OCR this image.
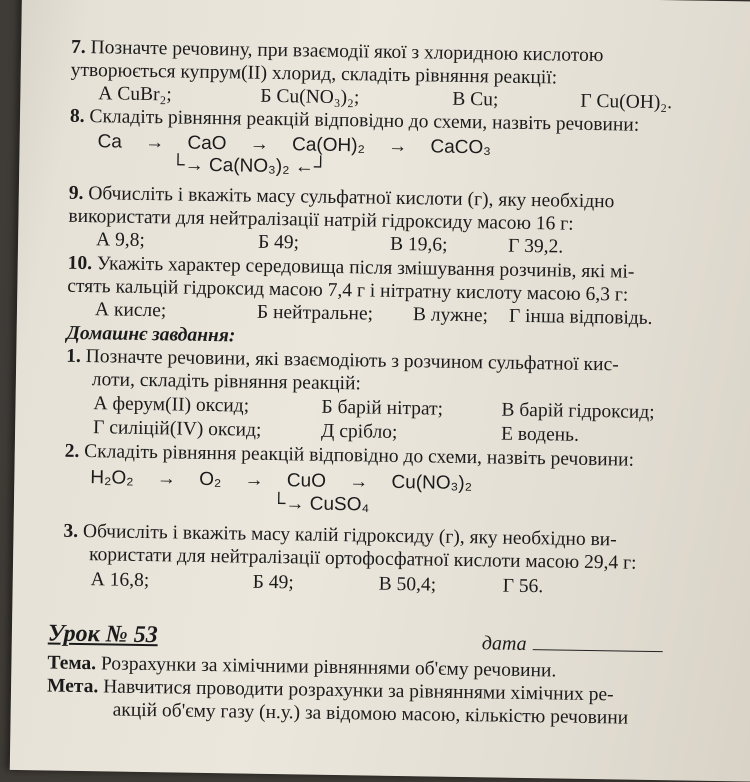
7. Позначте речовину, при взаємодії якої з хлоридною кислотою
утворюється купрум(ІІ) хлорид, складіть рівняння реакції:
А CuBr₂;	Б Cu(NO₃)₂;	В Cu;	Г Cu(OH)₂.
8. Складіть рівняння реакцій відповідно до схеми, назвіть речовини:
Ca → CaO → Ca(OH)₂ → CaCO₃
└→ Ca(NO₃)₂ ←┘
9. Обчисліть і вкажіть масу сульфатної кислоти (г), яку необхідно
використати для нейтралізації натрій гідроксиду масою 16 г:
А 9,8;	Б 49;	В 19,6;	Г 39,2.
10. Укажіть характер середовища після змішування розчинів, які мі-
стять кальцій гідроксид масою 7,4 г і нітратну кислоту масою 6,3 г:
А кисле;	Б нейтральне; В лужне; Г інша відповідь.
Домашнє завдання:
1. Позначте речовини, які взаємодіють з розчином сульфатної кис-
лоти, складіть рівняння реакцій:
А ферум(ІІ) оксид;	Б барій нітрат;	В барій гідроксид;
Г силіцій(IV) оксид;	Д срібло;	Е водень.
2. Складіть рівняння реакцій відповідно до схеми, назвіть речовини:
H₂O₂ → O₂ → CuO → Cu(NO₃)₂
└→ CuSO₄
3. Обчисліть і вкажіть масу калій гідроксиду (г), яку необхідно ви-
користати для нейтралізації ортофосфатної кислоти масою 29,4 г:
А 16,8;	Б 49;	В 50,4;	Г 56.
Урок № 53	дата
Тема. Розрахунки за хімічними рівняннями об'єму речовини.
Мета. Навчитися проводити розрахунки за рівняннями хімічних ре-
акцій об'єму газу (н.у.) за відомою масою, кількістю речовини
